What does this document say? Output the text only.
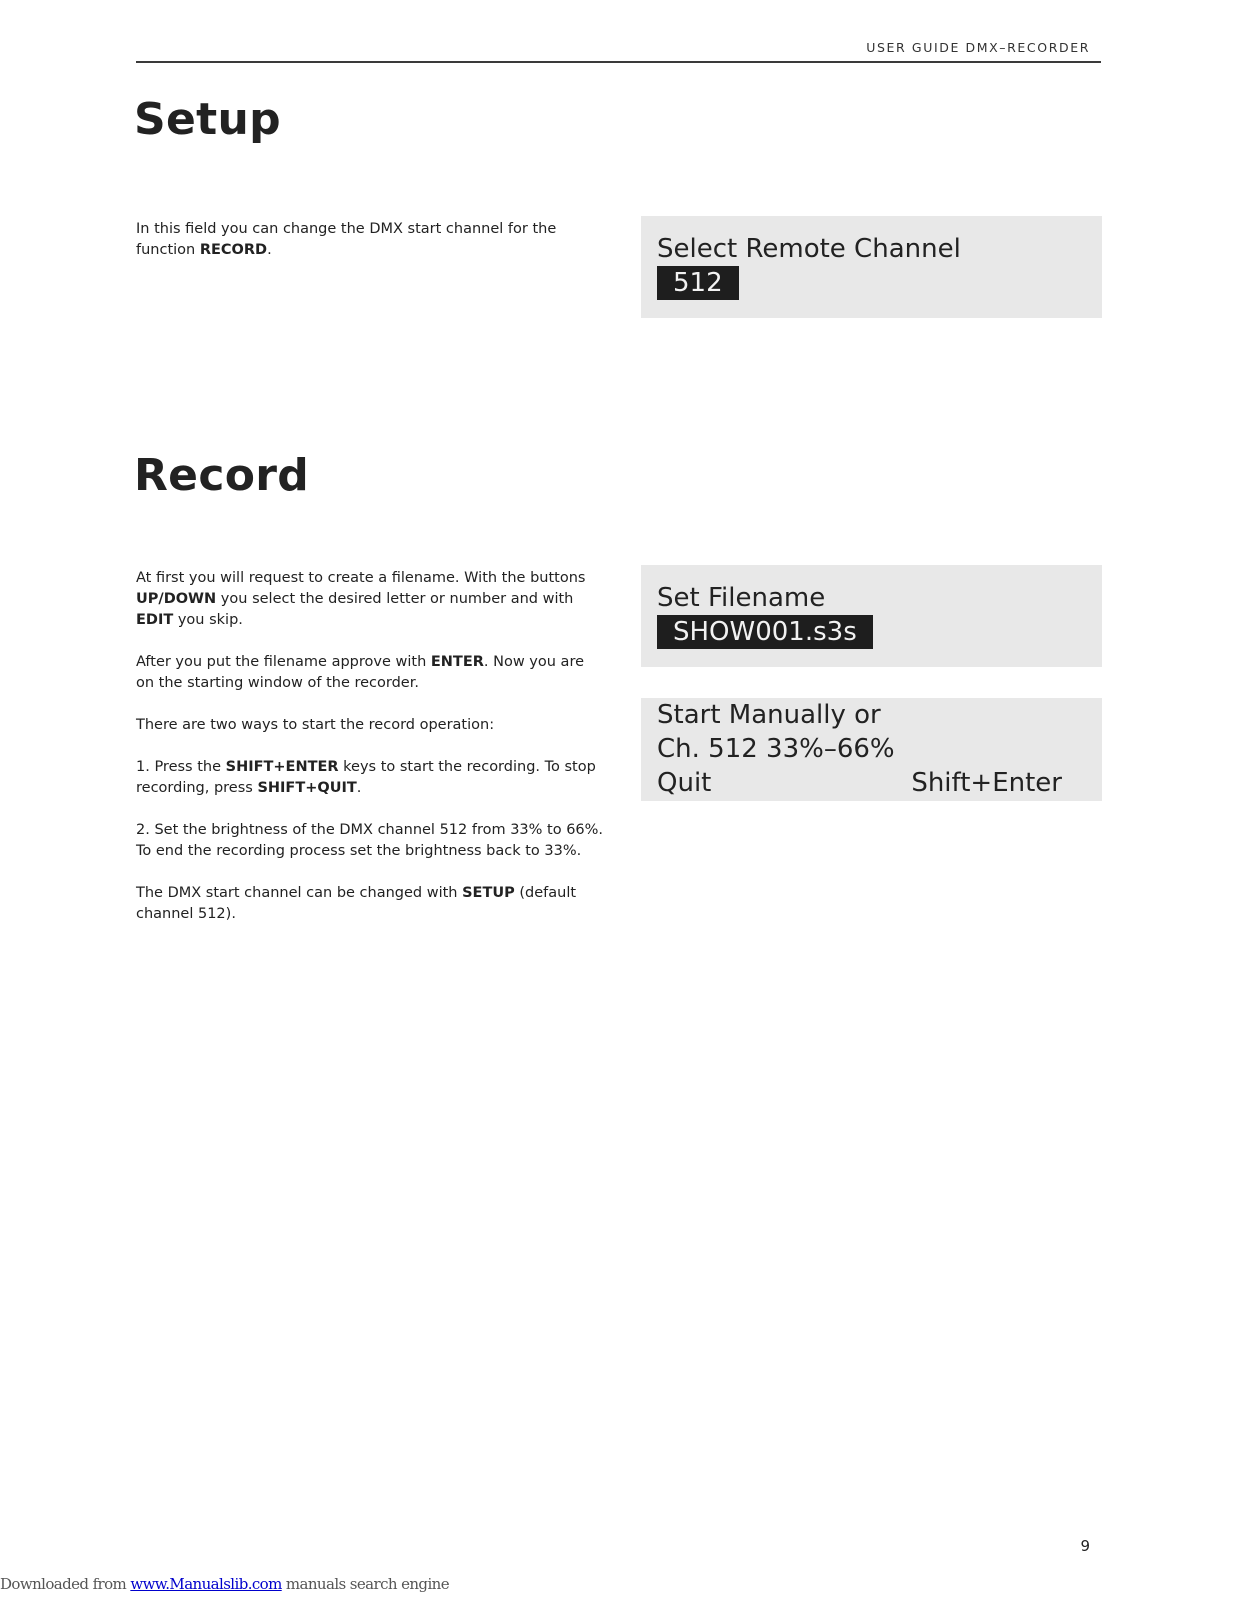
USER GUIDE DMX–RECORDER
Setup

In this field you can change the DMX start channel for the function RECORD.	Select Remote Channel
512
Record

At first you will request to create a filename. With the buttons UP/DOWN you select the desired letter or number and with EDIT you skip.

After you put the filename approve with ENTER. Now you are on the starting window of the recorder.

There are two ways to start the record operation:

1. Press the SHIFT+ENTER keys to start the recording. To stop recording, press SHIFT+QUIT.

2. Set the brightness of the DMX channel 512 from 33% to 66%. To end the recording process set the brightness back to 33%.

The DMX start channel can be changed with SETUP (default channel 512).

Set Filename
SHOW001.s3s
Start Manually or
Ch. 512 33%–66%
Quit	Shift+Enter
9
Downloaded from www.Manualslib.com manuals search engine
